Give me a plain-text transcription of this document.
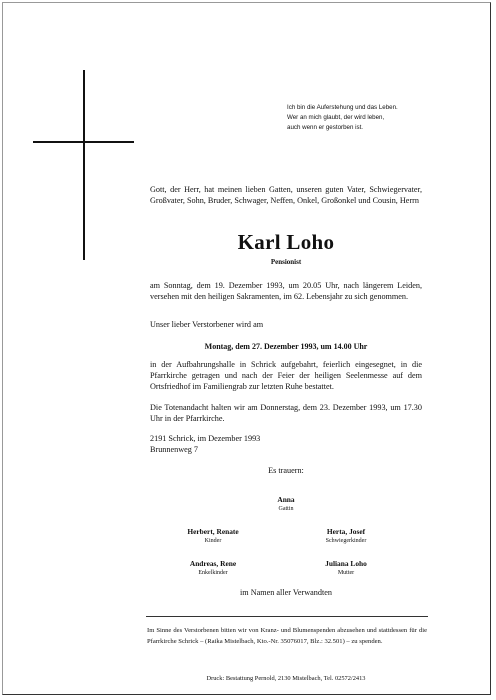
Ich bin die Auferstehung und das Leben.
Wer an mich glaubt, der wird leben,
auch wenn er gestorben ist.
Gott, der Herr, hat meinen lieben Gatten, unseren guten Vater, Schwiegervater, Großvater, Sohn, Bruder, Schwager, Neffen, Onkel, Großonkel und Cousin, Herrn
Karl Loho
Pensionist
am Sonntag, dem 19. Dezember 1993, um 20.05 Uhr, nach längerem Leiden, versehen mit den heiligen Sakramenten, im 62. Lebensjahr zu sich genommen.
Unser lieber Verstorbener wird am
Montag, dem 27. Dezember 1993, um 14.00 Uhr
in der Aufbahrungshalle in Schrick aufgebahrt, feierlich eingesegnet, in die Pfarrkirche getragen und nach der Feier der heiligen Seelenmesse auf dem Ortsfriedhof im Familiengrab zur letzten Ruhe bestattet.
Die Totenandacht halten wir am Donnerstag, dem 23. Dezember 1993, um 17.30 Uhr in der Pfarrkirche.
2191 Schrick, im Dezember 1993
Brunnenweg 7
Es trauern:
Anna
Gattin
Herbert, Renate
Kinder
Herta, Josef
Schwiegerkinder
Andreas, Rene
Enkelkinder
Juliana Loho
Mutter
im Namen aller Verwandten
Im Sinne des Verstorbenen bitten wir von Kranz- und Blumenspenden abzusehen und stattdessen für die Pfarrkirche Schrick – (Raika Mistelbach, Kto.-Nr. 35076017, Blz.: 32.501) – zu spenden.
Druck: Bestattung Pernold, 2130 Mistelbach, Tel. 02572/2413
